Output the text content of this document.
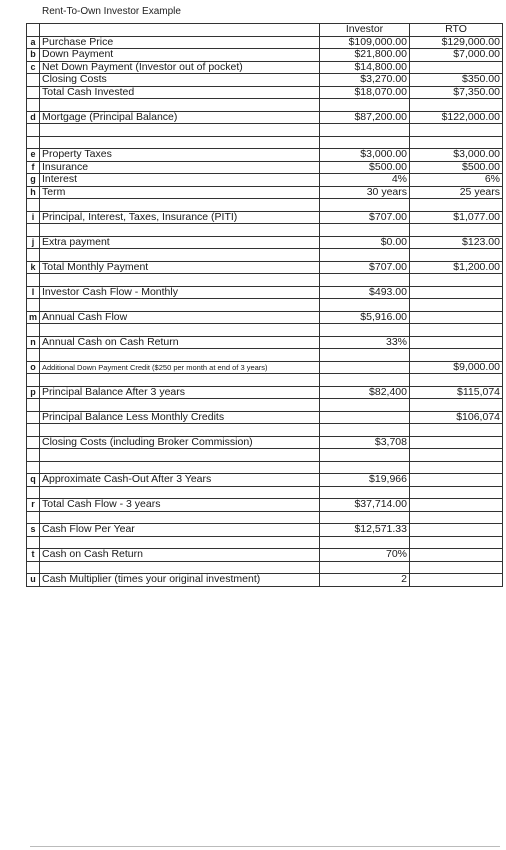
Rent-To-Own Investor Example
		Investor	RTO
a	Purchase Price	$109,000.00	$129,000.00
b	Down Payment	$21,800.00	$7,000.00
c	Net Down Payment (Investor out of pocket)	$14,800.00	
	Closing Costs	$3,270.00	$350.00
	Total Cash Invested	$18,070.00	$7,350.00

d	Mortgage (Principal Balance)	$87,200.00	$122,000.00

e	Property Taxes	$3,000.00	$3,000.00
f	Insurance	$500.00	$500.00
g	Interest	4%	6%
h	Term	30 years	25 years

i	Principal, Interest, Taxes, Insurance (PITI)	$707.00	$1,077.00

j	Extra payment	$0.00	$123.00

k	Total Monthly Payment	$707.00	$1,200.00

l	Investor Cash Flow - Monthly	$493.00	

m	Annual Cash Flow	$5,916.00	

n	Annual Cash on Cash Return	33%	

o	Additional Down Payment Credit ($250 per month at end of 3 years)		$9,000.00

p	Principal Balance After 3 years	$82,400	$115,074

	Principal Balance Less Monthly Credits		$106,074

	Closing Costs (including Broker Commission)	$3,708	

q	Approximate Cash-Out After 3 Years	$19,966	

r	Total Cash Flow - 3 years	$37,714.00	

s	Cash Flow Per Year	$12,571.33	

t	Cash on Cash Return	70%	

u	Cash Multiplier (times your original investment)	2	
